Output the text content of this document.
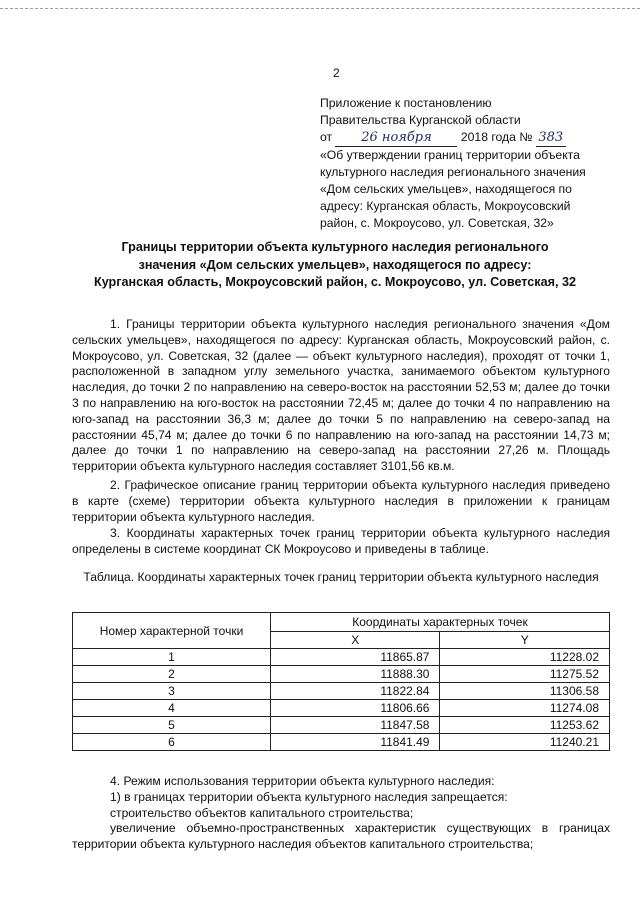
2
Приложение к постановлению
Правительства Курганской области
от 26 ноября 2018 года № 383
«Об утверждении границ территории объекта
культурного наследия регионального значения
«Дом сельских умельцев», находящегося по
адресу: Курганская область, Мокроусовский
район, с. Мокроусово, ул. Советская, 32»
Границы территории объекта культурного наследия регионального
значения «Дом сельских умельцев», находящегося по адресу:
Курганская область, Мокроусовский район, с. Мокроусово, ул. Советская, 32

1. Границы территории объекта культурного наследия регионального значения «Дом сельских умельцев», находящегося по адресу: Курганская область, Мокроусовский район, с. Мокроусово, ул. Советская, 32 (далее — объект культурного наследия), проходят от точки 1, расположенной в западном углу земельного участка, занимаемого объектом культурного наследия, до точки 2 по направлению на северо-восток на расстоянии 52,53 м; далее до точки 3 по направлению на юго-восток на расстоянии 72,45 м; далее до точки 4 по направлению на юго-запад на расстоянии 36,3 м; далее до точки 5 по направлению на северо-запад на расстоянии 45,74 м; далее до точки 6 по направлению на юго-запад на расстоянии 14,73 м; далее до точки 1 по направлению на северо-запад на расстоянии 27,26 м. Площадь территории объекта культурного наследия составляет 3101,56 кв.м.

2. Графическое описание границ территории объекта культурного наследия приведено в карте (схеме) территории объекта культурного наследия в приложении к границам территории объекта культурного наследия.

3. Координаты характерных точек границ территории объекта культурного наследия определены в системе координат СК Мокроусово и приведены в таблице.

Таблица. Координаты характерных точек границ территории объекта культурного наследия
Номер характерной точки	Координаты характерных точек	
	X	Y
1	11865.87	11228.02
2	11888.30	11275.52
3	11822.84	11306.58
4	11806.66	11274.08
5	11847.58	11253.62
6	11841.49	11240.21
4. Режим использования территории объекта культурного наследия:
1) в границах территории объекта культурного наследия запрещается:
строительство объектов капитального строительства;
увеличение объемно-пространственных характеристик существующих в границах территории объекта культурного наследия объектов капитального строительства;
